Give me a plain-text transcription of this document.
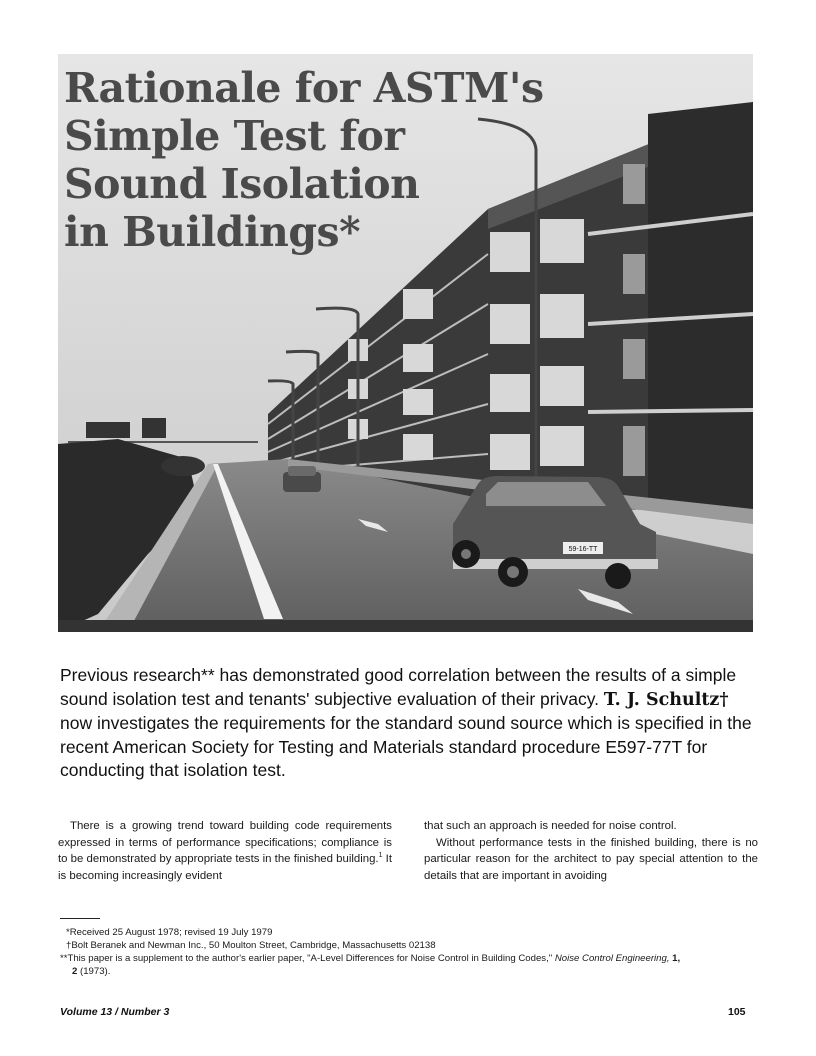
59-16-TT
Rationale for ASTM's
Simple Test for
Sound Isolation
in Buildings*

Previous research** has demonstrated good correlation between the results of a simple sound isolation test and tenants' subjective evaluation of their privacy. T. J. Schultz† now investigates the requirements for the standard sound source which is specified in the recent American Society for Testing and Materials standard procedure E597-77T for conducting that isolation test.

There is a growing trend toward building code requirements expressed in terms of performance specifications; compliance is to be demonstrated by appropriate tests in the finished building.$^1$ It is becoming increasingly evident

that such an approach is needed for noise control.

Without performance tests in the finished building, there is no particular reason for the architect to pay special attention to the details that are important in avoiding

*Received 25 August 1978; revised 19 July 1979

†Bolt Beranek and Newman Inc., 50 Moulton Street, Cambridge, Massachusetts 02138

**This paper is a supplement to the author's earlier paper, "A-Level Differences for Noise Control in Building Codes," Noise Control Engineering, 1,

2 (1973).

Volume 13 / Number 3	105
